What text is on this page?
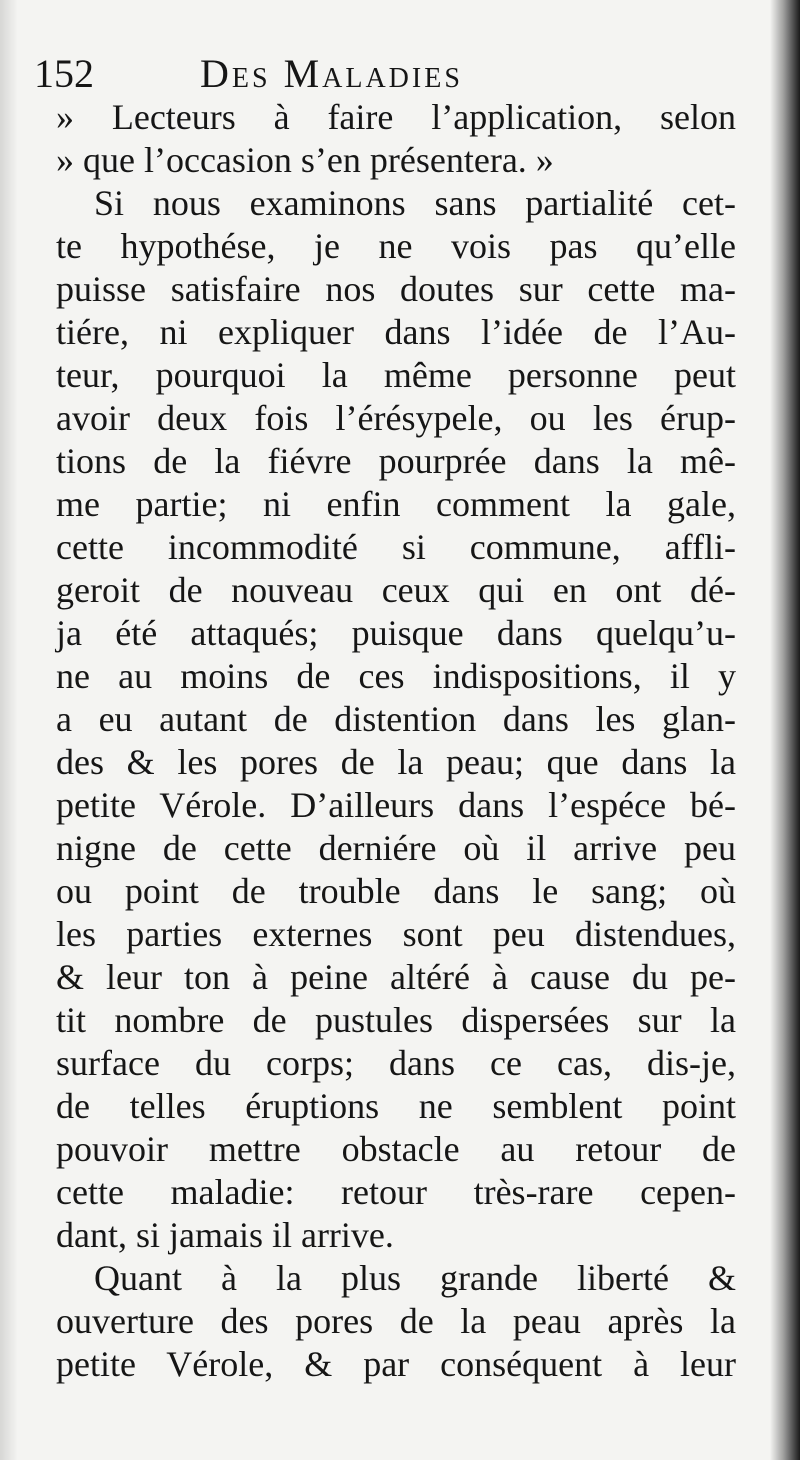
152	Des Maladies
» Lecteurs à faire l’application, selon
» que l’occasion s’en présentera. »
Si nous examinons sans partialité cet-
te hypothése, je ne vois pas qu’elle
puisse satisfaire nos doutes sur cette ma-
tiére, ni expliquer dans l’idée de l’Au-
teur, pourquoi la même personne peut
avoir deux fois l’érésypele, ou les érup-
tions de la fiévre pourprée dans la mê-
me partie; ni enfin comment la gale,
cette incommodité si commune, affli-
geroit de nouveau ceux qui en ont dé-
ja été attaqués; puisque dans quelqu’u-
ne au moins de ces indispositions, il y
a eu autant de distention dans les glan-
des & les pores de la peau; que dans la
petite Vérole. D’ailleurs dans l’espéce bé-
nigne de cette derniére où il arrive peu
ou point de trouble dans le sang; où
les parties externes sont peu distendues,
& leur ton à peine altéré à cause du pe-
tit nombre de pustules dispersées sur la
surface du corps; dans ce cas, dis-je,
de telles éruptions ne semblent point
pouvoir mettre obstacle au retour de
cette maladie: retour très-rare cepen-
dant, si jamais il arrive.
Quant à la plus grande liberté &
ouverture des pores de la peau après la
petite Vérole, & par conséquent à leur
